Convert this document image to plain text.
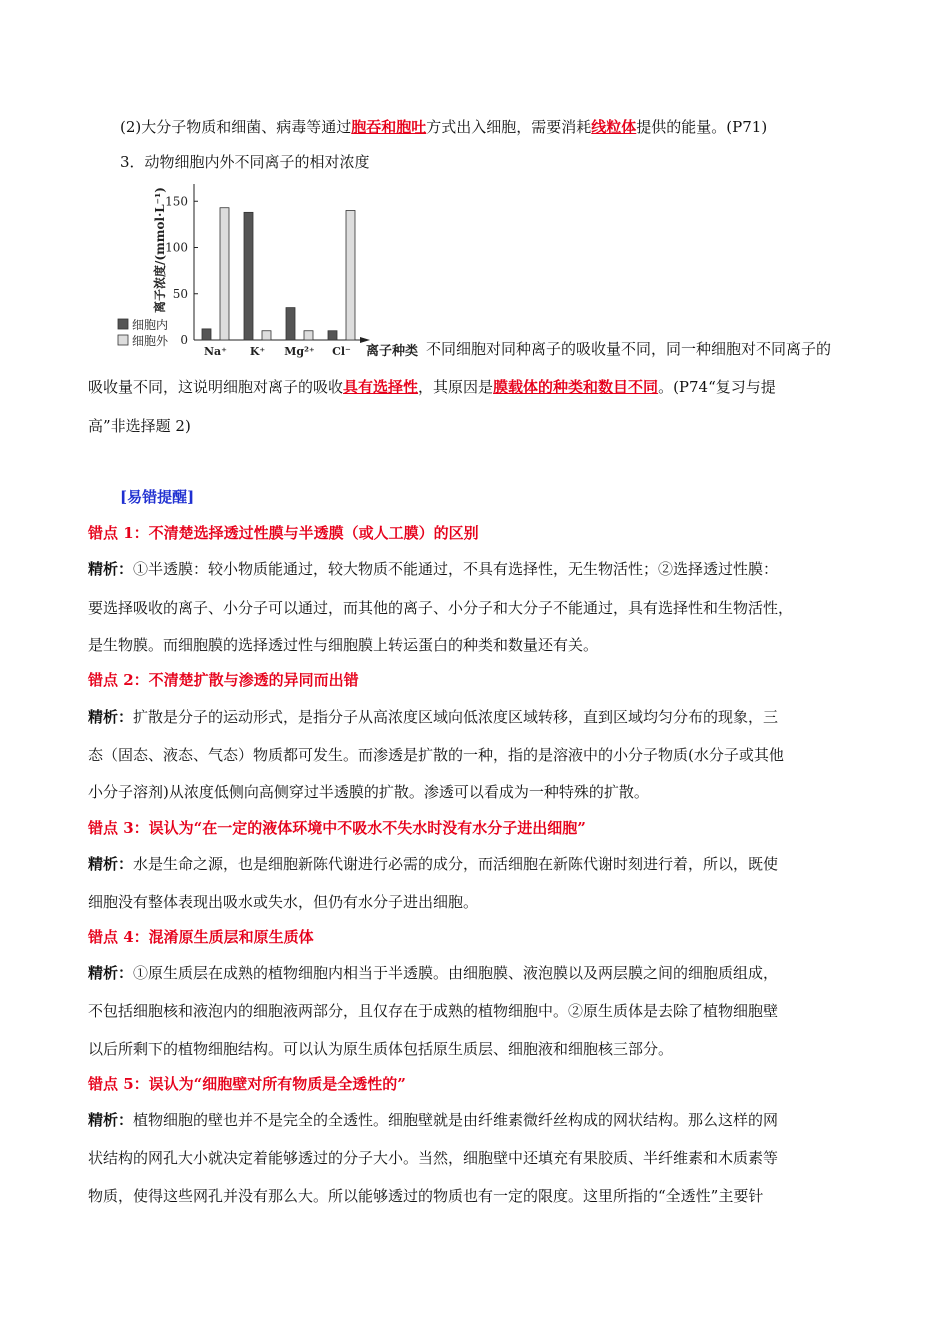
(2)大分子物质和细菌、病毒等通过胞吞和胞吐方式出入细胞，需要消耗线粒体提供的能量。(P71)
3．动物细胞内外不同离子的相对浓度
0
50
100
150
离子浓度/(mmol·L⁻¹)
Na⁺ K⁺ Mg²⁺ Cl⁻ 离子种类
细胞内
细胞外	不同细胞对同种离子的吸收量不同，同一种细胞对不同离子的
吸收量不同，这说明细胞对离子的吸收具有选择性，其原因是膜载体的种类和数目不同。(P74“复习与提
高”非选择题 2)
[易错提醒]
错点 1：不清楚选择透过性膜与半透膜（或人工膜）的区别
精析：①半透膜：较小物质能通过，较大物质不能通过，不具有选择性，无生物活性；②选择透过性膜：
要选择吸收的离子、小分子可以通过，而其他的离子、小分子和大分子不能通过，具有选择性和生物活性，
是生物膜。而细胞膜的选择透过性与细胞膜上转运蛋白的种类和数量还有关。
错点 2：不清楚扩散与渗透的异同而出错
精析：扩散是分子的运动形式，是指分子从高浓度区域向低浓度区域转移，直到区域均匀分布的现象，三
态（固态、液态、气态）物质都可发生。而渗透是扩散的一种，指的是溶液中的小分子物质(水分子或其他
小分子溶剂)从浓度低侧向高侧穿过半透膜的扩散。渗透可以看成为一种特殊的扩散。
错点 3：误认为“在一定的液体环境中不吸水不失水时没有水分子进出细胞”
精析：水是生命之源，也是细胞新陈代谢进行必需的成分，而活细胞在新陈代谢时刻进行着，所以，既使
细胞没有整体表现出吸水或失水，但仍有水分子进出细胞。
错点 4：混淆原生质层和原生质体
精析：①原生质层在成熟的植物细胞内相当于半透膜。由细胞膜、液泡膜以及两层膜之间的细胞质组成，
不包括细胞核和液泡内的细胞液两部分，且仅存在于成熟的植物细胞中。②原生质体是去除了植物细胞壁
以后所剩下的植物细胞结构。可以认为原生质体包括原生质层、细胞液和细胞核三部分。
错点 5：误认为“细胞壁对所有物质是全透性的”
精析：植物细胞的壁也并不是完全的全透性。细胞壁就是由纤维素微纤丝构成的网状结构。那么这样的网
状结构的网孔大小就决定着能够透过的分子大小。当然，细胞壁中还填充有果胶质、半纤维素和木质素等
物质，使得这些网孔并没有那么大。所以能够透过的物质也有一定的限度。这里所指的“全透性”主要针
